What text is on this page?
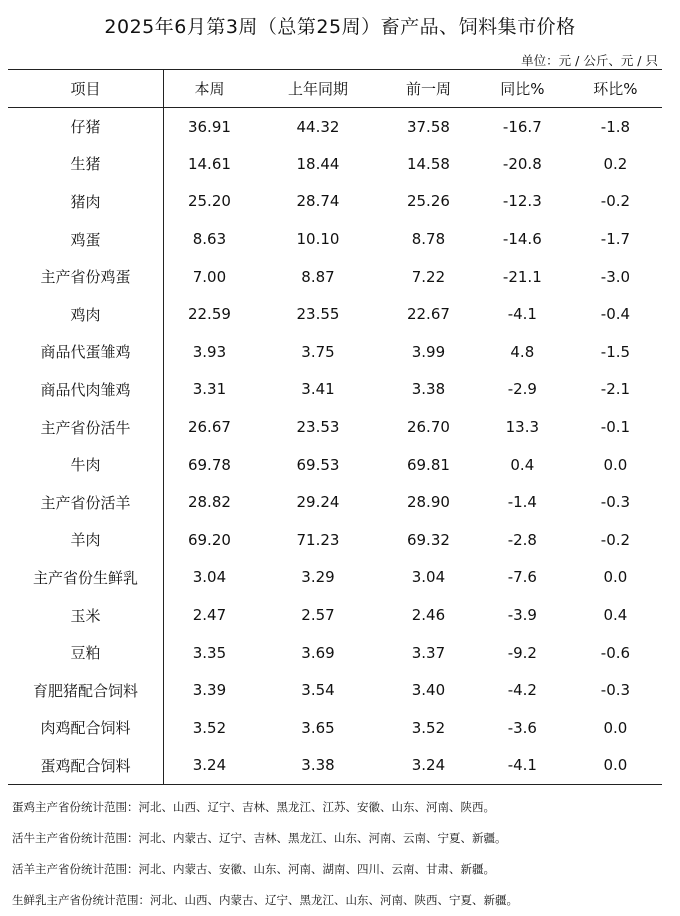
2025年6月第3周（总第25周）畜产品、饲料集市价格
单位：元 / 公斤、元 / 只
项目	本周	上年同期	前一周	同比%	环比%
仔猪	36.91	44.32	37.58	-16.7	-1.8
生猪	14.61	18.44	14.58	-20.8	0.2
猪肉	25.20	28.74	25.26	-12.3	-0.2
鸡蛋	8.63	10.10	8.78	-14.6	-1.7
主产省份鸡蛋	7.00	8.87	7.22	-21.1	-3.0
鸡肉	22.59	23.55	22.67	-4.1	-0.4
商品代蛋雏鸡	3.93	3.75	3.99	4.8	-1.5
商品代肉雏鸡	3.31	3.41	3.38	-2.9	-2.1
主产省份活牛	26.67	23.53	26.70	13.3	-0.1
牛肉	69.78	69.53	69.81	0.4	0.0
主产省份活羊	28.82	29.24	28.90	-1.4	-0.3
羊肉	69.20	71.23	69.32	-2.8	-0.2
主产省份生鲜乳	3.04	3.29	3.04	-7.6	0.0
玉米	2.47	2.57	2.46	-3.9	0.4
豆粕	3.35	3.69	3.37	-9.2	-0.6
育肥猪配合饲料	3.39	3.54	3.40	-4.2	-0.3
肉鸡配合饲料	3.52	3.65	3.52	-3.6	0.0
蛋鸡配合饲料	3.24	3.38	3.24	-4.1	0.0
蛋鸡主产省份统计范围：河北、山西、辽宁、吉林、黑龙江、江苏、安徽、山东、河南、陕西。
活牛主产省份统计范围：河北、内蒙古、辽宁、吉林、黑龙江、山东、河南、云南、宁夏、新疆。
活羊主产省份统计范围：河北、内蒙古、安徽、山东、河南、湖南、四川、云南、甘肃、新疆。
生鲜乳主产省份统计范围：河北、山西、内蒙古、辽宁、黑龙江、山东、河南、陕西、宁夏、新疆。
